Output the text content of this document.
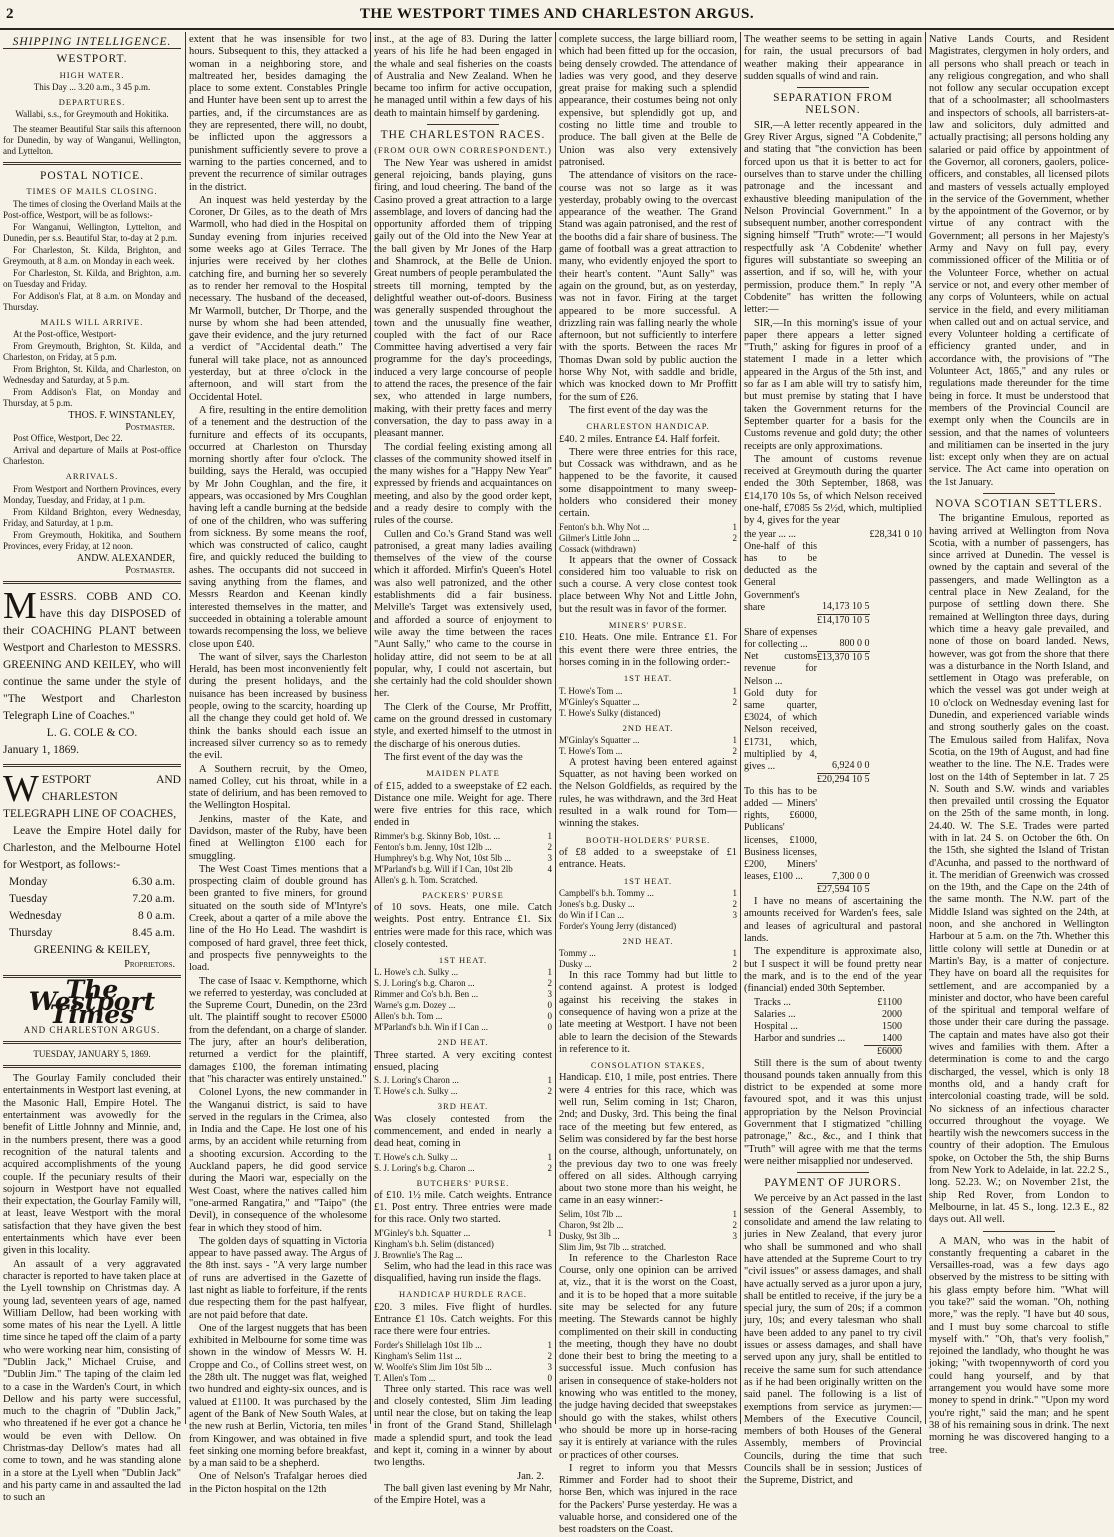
2	THE WESTPORT TIMES AND CHARLESTON ARGUS.
SHIPPING INTELLIGENCE.
WESTPORT.
HIGH WATER.
This Day ... 3.20 a.m., 3 45 p.m.
DEPARTURES.
Wallabi, s.s., for Greymouth and Hokitika.

The steamer Beautiful Star sails this afternoon for Dunedin, by way of Wanganui, Wellington, and Lyttelton.

POSTAL NOTICE.
TIMES OF MAILS CLOSING.

The times of closing the Overland Mails at the Post-office, Westport, will be as follows:-

For Wanganui, Wellington, Lyttelton, and Dunedin, per s.s. Beautiful Star, to-day at 2 p.m.

For Charleston, St. Kilda, Brighton, and Greymouth, at 8 a.m. on Monday in each week.

For Charleston, St. Kilda, and Brighton, a.m. on Tuesday and Friday.

For Addison's Flat, at 8 a.m. on Monday and Thursday.

MAILS WILL ARRIVE.

At the Post-office, Westport-

From Greymouth, Brighton, St. Kilda, and Charleston, on Friday, at 5 p.m.

From Brighton, St. Kilda, and Charleston, on Wednesday and Saturday, at 5 p.m.

From Addison's Flat, on Monday and Thursday, at 5 p.m.

THOS. F. WINSTANLEY,
Postmaster.

Post Office, Westport, Dec 22.

Arrival and departure of Mails at Post-office Charleston.

ARRIVALS.

From Westport and Northern Provinces, every Monday, Tuesday, and Friday, at 1 p.m.

From Kildand Brighton, every Wednesday, Friday, and Saturday, at 1 p.m.

From Greymouth, Hokitika, and Southern Provinces, every Friday, at 12 noon.

ANDW. ALEXANDER,
Postmaster.
MESSRS. COBB AND CO. have this day DISPOSED of their COACHING PLANT between Westport and Charleston to MESSRS. GREENING AND KEILEY, who will continue the same under the style of "The Westport and Charleston Telegraph Line of Coaches."
L. G. COLE & CO.
January 1, 1869.
WESTPORT AND CHARLESTON TELEGRAPH LINE OF COACHES,
Leave the Empire Hotel daily for Charleston, and the Melbourne Hotel for Westport, as follows:-
Monday	6.30 a.m.
Tuesday	7.20 a.m.
Wednesday	8 0 a.m.
Thursday	8.45 a.m.
GREENING & KEILEY,
Proprietors.
The Westport Times
AND CHARLESTON ARGUS.
TUESDAY, JANUARY 5, 1869.

The Gourlay Family concluded their entertainments in Westport last evening, at the Masonic Hall, Empire Hotel. The entertainment was avowedly for the benefit of Little Johnny and Minnie, and, in the numbers present, there was a good recognition of the natural talents and acquired accomplishments of the young couple. If the pecuniary results of their sojourn in Westport have not equalled their expectation, the Gourlay Family will, at least, leave Westport with the moral satisfaction that they have given the best entertainments which have ever been given in this locality.

An assault of a very aggravated character is reported to have taken place at the Lyell township on Christmas day. A young lad, seventeen years of age, named William Dellow, had been working with some mates of his near the Lyell. A little time since he taped off the claim of a party who were working near him, consisting of "Dublin Jack," Michael Cruise, and "Dublin Jim." The taping of the claim led to a case in the Warden's Court, in which Dellow and his party were successful, much to the chagrin of "Dublin Jack," who threatened if he ever got a chance he would be even with Dellow. On Christmas-day Dellow's mates had all come to town, and he was standing alone in a store at the Lyell when "Dublin Jack" and his party came in and assaulted the lad to such an

extent that he was insensible for two hours. Subsequent to this, they attacked a woman in a neighboring store, and maltreated her, besides damaging the place to some extent. Constables Pringle and Hunter have been sent up to arrest the parties, and, if the circumstances are as they are represented, there will, no doubt, be inflicted upon the aggressors a punishment sufficiently severe to prove a warning to the parties concerned, and to prevent the recurrence of similar outrages in the district.

An inquest was held yesterday by the Coroner, Dr Giles, as to the death of Mrs Warmoll, who had died in the Hospital on Sunday evening from injuries received some weeks ago at Giles Terrace. The injuries were received by her clothes catching fire, and burning her so severely as to render her removal to the Hospital necessary. The husband of the deceased, Mr Warmoll, butcher, Dr Thorpe, and the nurse by whom she had been attended, gave their evidence, and the jury returned a verdict of "Accidental death." The funeral will take place, not as announced yesterday, but at three o'clock in the afternoon, and will start from the Occidental Hotel.

A fire, resulting in the entire demolition of a tenement and the destruction of the furniture and effects of its occupants, occurred at Charleston on Thursday morning shortly after four o'clock. The building, says the Herald, was occupied by Mr John Coughlan, and the fire, it appears, was occasioned by Mrs Coughlan having left a candle burning at the bedside of one of the children, who was suffering from sickness. By some means the roof, which was constructed of calico, caught fire, and quickly reduced the building to ashes. The occupants did not succeed in saving anything from the flames, and Messrs Reardon and Keenan kindly interested themselves in the matter, and succeeded in obtaining a tolerable amount towards recompensing the loss, we believe close upon £40.

The want of silver, says the Charleston Herald, has been most inconveniently felt during the present holidays, and the nuisance has been increased by business people, owing to the scarcity, hoarding up all the change they could get hold of. We think the banks should each issue an increased silver currency so as to remedy the evil.

A Southern recruit, by the Omeo, named Colley, cut his throat, while in a state of delirium, and has been removed to the Wellington Hospital.

Jenkins, master of the Kate, and Davidson, master of the Ruby, have been fined at Wellington £100 each for smuggling.

The West Coast Times mentions that a prospecting claim of double ground has been granted to five miners, for ground situated on the south side of M'Intyre's Creek, about a qarter of a mile above the line of the Ho Ho Lead. The washdirt is composed of hard gravel, three feet thick, and prospects five pennyweights to the load.

The case of Isaac v. Kempthorne, which we referred to yesterday, was concluded at the Supreme Court, Dunedin, on the 23rd ult. The plaintiff sought to recover £5000 from the defendant, on a charge of slander. The jury, after an hour's deliberation, returned a verdict for the plaintiff, damages £100, the foreman intimating that "his character was entirely unstained."

Colonel Lyons, the new commander in the Wanganui district, is said to have served in the regulars in the Crimea, also in India and the Cape. He lost one of his arms, by an accident while returning from a shooting excursion. According to the Auckland papers, he did good service during the Maori war, especially on the West Coast, where the natives called him "one-armed Rangatira," and "Taipo" (the Devil), in consequence of the wholesome fear in which they stood of him.

The golden days of squatting in Victoria appear to have passed away. The Argus of the 8th inst. says - "A very large number of runs are advertised in the Gazette of last night as liable to forfeiture, if the rents due respecting them for the past halfyear, are not paid before that date.

One of the largest nuggets that has been exhibited in Melbourne for some time was shown in the window of Messrs W. H. Croppe and Co., of Collins street west, on the 28th ult. The nugget was flat, weighed two hundred and eighty-six ounces, and is valued at £1100. It was purchased by the agent of the Bank of New South Wales, at the new rush at Berlin, Victoria, ten miles from Kingower, and was obtained in five feet sinking one morning before breakfast, by a man said to be a shepherd.

One of Nelson's Trafalgar heroes died in the Picton hospital on the 12th

inst., at the age of 83. During the latter years of his life he had been engaged in the whale and seal fisheries on the coasts of Australia and New Zealand. When he became too infirm for active occupation, he managed until within a few days of his death to maintain himself by gardening.

THE CHARLESTON RACES.
(FROM OUR OWN CORRESPONDENT.)

The New Year was ushered in amidst general rejoicing, bands playing, guns firing, and loud cheering. The band of the Casino proved a great attraction to a large assemblage, and lovers of dancing had the opportunity afforded them of tripping gaily out of the Old into the New Year at the ball given by Mr Jones of the Harp and Shamrock, at the Belle de Union. Great numbers of people perambulated the streets till morning, tempted by the delightful weather out-of-doors. Business was generally suspended throughout the town and the unusually fine weather, coupled with the fact of our Race Committee having advertised a very fair programme for the day's proceedings, induced a very large concourse of people to attend the races, the presence of the fair sex, who attended in large numbers, making, with their pretty faces and merry conversation, the day to pass away in a pleasant manner.

The cordial feeling existing among all classes of the community showed itself in the many wishes for a "Happy New Year" expressed by friends and acquaintances on meeting, and also by the good order kept, and a ready desire to comply with the rules of the course.

Cullen and Co.'s Grand Stand was well patronised, a great many ladies availing themselves of the view of the course which it afforded. Mirfin's Queen's Hotel was also well patronized, and the other establishments did a fair business. Melville's Target was extensively used, and afforded a source of enjoyment to wile away the time between the races "Aunt Sally," who came to the course in holiday attire, did not seem to be at all popular, why, I could not ascertain, but she certainly had the cold shoulder shown her.

The Clerk of the Course, Mr Proffitt, came on the ground dressed in customary style, and exerted himself to the utmost in the discharge of his onerous duties.

The first event of the day was the

MAIDEN PLATE

of £15, added to a sweepstake of £2 each. Distance one mile. Weight for age. There were five entries for this race, which ended in

Rimmer's b.g. Skinny Bob, 10st. ...	1
Fenton's b.m. Jenny, 10st 12lb ...	2
Humphrey's b.g. Why Not, 10st 5lb ...	3
M'Parland's b.g. Will if I Can, 10st 2lb	4
Allen's g. h. Tom. Scratched.
PACKERS' PURSE

of 10 sovs. Heats, one mile. Catch weights. Post entry. Entrance £1. Six entries were made for this race, which was closely contested.

1ST HEAT.
L. Howe's c.h. Sulky ...	1
S. J. Loring's b.g. Charon ...	2
Rimmer and Co's b.h. Ben ...	3
Warne's g.m. Dozey ...	0
Allen's b.h. Tom ...	0
M'Parland's b.h. Win if I Can ...	0
2ND HEAT.

Three started. A very exciting contest ensued, placing

S. J. Loring's Charon ...	1
T. Howe's c.h. Sulky ...	2
3RD HEAT.

Was closely contested from the commencement, and ended in nearly a dead heat, coming in

T. Howe's c.h. Sulky ...	1
S. J. Loring's b.g. Charon ...	2
BUTCHERS' PURSE.

of £10. 1½ mile. Catch weights. Entrance £1. Post entry. Three entries were made for this race. Only two started.

M'Ginley's b.h. Squatter ...	1
Kingham's b.h. Selim (distanced)
J. Brownlie's The Rag ...

Selim, who had the lead in this race was disqualified, having run inside the flags.

HANDICAP HURDLE RACE.

£20. 3 miles. Five flight of hurdles. Entrance £1 10s. Catch weights. For this race there were four entries.

Forder's Shillelagh 10st 1lb ...	1
Kingham's Selim 11st ...	2
W. Woolfe's Slim Jim 10st 5lb ...	3
T. Allen's Tom ...	0

Three only started. This race was well and closely contested, Slim Jim leading until near the close, but on taking the leap in front of the Grand Stand, Shillelagh made a splendid spurt, and took the lead and kept it, coming in a winner by about two lengths.

Jan. 2.

The ball given last evening by Mr Nahr, of the Empire Hotel, was a

complete success, the large billiard room, which had been fitted up for the occasion, being densely crowded. The attendance of ladies was very good, and they deserve great praise for making such a splendid appearance, their costumes being not only expensive, but splendidly got up, and costing no little time and trouble to produce. The ball given at the Belle de Union was also very extensively patronised.

The attendance of visitors on the race-course was not so large as it was yesterday, probably owing to the overcast appearance of the weather. The Grand Stand was again patronised, and the rest of the booths did a fair share of business. The game of football was a great attraction to many, who evidently enjoyed the sport to their heart's content. "Aunt Sally" was again on the ground, but, as on yesterday, was not in favor. Firing at the target appeared to be more successful. A drizzling rain was falling nearly the whole afternoon, but not sufficiently to interfere with the sports. Between the races Mr Thomas Dwan sold by public auction the horse Why Not, with saddle and bridle, which was knocked down to Mr Proffitt for the sum of £26.

The first event of the day was the

CHARLESTON HANDICAP.

£40. 2 miles. Entrance £4. Half forfeit.

There were three entries for this race, but Cossack was withdrawn, and as he happened to be the favorite, it caused some disappointment to many sweep-holders who considered their money certain.

Fenton's b.h. Why Not ...	1
Gilmer's Little John ...	2
Cossack (withdrawn)

It appears that the owner of Cossack considered him too valuable to risk on such a course. A very close contest took place between Why Not and Little John, but the result was in favor of the former.

MINERS' PURSE.

£10. Heats. One mile. Entrance £1. For this event there were three entries, the horses coming in in the following order:-

1ST HEAT.
T. Howe's Tom ...	1
M'Ginley's Squatter ...	2
T. Howe's Sulky (distanced)
2ND HEAT.
M'Ginlay's Squatter ...	1
T. Howe's Tom ...	2

A protest having been entered against Squatter, as not having been worked on the Nelson Goldfields, as required by the rules, he was withdrawn, and the 3rd Heat resulted in a walk round for Tom—winning the stakes.

BOOTH-HOLDERS' PURSE.

of £8 added to a sweepstake of £1 entrance. Heats.

1ST HEAT.
Campbell's b.h. Tommy ...	1
Jones's b.g. Dusky ...	2
do Win if I Can ...	3
Forder's Young Jerry (distanced)
2ND HEAT.
Tommy ...	1
Dusky ...	2

In this race Tommy had but little to contend against. A protest is lodged against his receiving the stakes in consequence of having won a prize at the late meeting at Westport. I have not been able to learn the decision of the Stewards in reference to it.

CONSOLATION STAKES,

Handicap. £10, 1 mile, post entries. There were 4 entries for this race, which was well run, Selim coming in 1st; Charon, 2nd; and Dusky, 3rd. This being the final race of the meeting but few entered, as Selim was considered by far the best horse on the course, although, unfortunately, on the previous day two to one was freely offered on all sides. Although carrying about two stone more than his weight, he came in an easy winner:-

Selim, 10st 7lb ...	1
Charon, 9st 2lb ...	2
Dusky, 9st 3lb ...	3
Slim Jim, 9st 7lb ... stratched.

In reference to the Charleston Race Course, only one opinion can be arrived at, viz., that it is the worst on the Coast, and it is to be hoped that a more suitable site may be selected for any future meeting. The Stewards cannot be highly complimented on their skill in conducting the meeting, though they have no doubt done their best to bring the meeting to a successful issue. Much confusion has arisen in consequence of stake-holders not knowing who was entitled to the money, the judge having decided that sweepstakes should go with the stakes, whilst others who should be more up in horse-racing say it is entirely at variance with the rules or practices of other courses.

I regret to inform you that Messrs Rimmer and Forder had to shoot their horse Ben, which was injured in the race for the Packers' Purse yesterday. He was a valuable horse, and considered one of the best roadsters on the Coast.

The weather seems to be setting in again for rain, the usual precursors of bad weather making their appearance in sudden squalls of wind and rain.

SEPARATION FROM NELSON.

SIR,—A letter recently appeared in the Grey River Argus, signed "A Cobdenite," and stating that "the conviction has been forced upon us that it is better to act for ourselves than to starve under the chilling patronage and the incessant and exhaustive bleeding manipulation of the Nelson Provincial Government." In a subsequent number, another correspondent signing himself "Truth" wrote:—"I would respectfully ask 'A Cobdenite' whether figures will substantiate so sweeping an assertion, and if so, will he, with your permission, produce them." In reply "A Cobdenite" has written the following letter:—

SIR,—In this morning's issue of your paper there appears a letter signed "Truth," asking for figures in proof of a statement I made in a letter which appeared in the Argus of the 5th inst, and so far as I am able will try to satisfy him, but must premise by stating that I have taken the Government returns for the September quarter for a basis for the Customs revenue and gold duty; the other receipts are only approximations.

The amount of customs revenue received at Greymouth during the quarter ended the 30th September, 1868, was £14,170 10s 5s, of which Nelson received one-half, £7085 5s 2½d, which, multiplied by 4, gives for the year

the year ... ...		£28,341 0 10
One-half of this has to be deducted as the General Government's share	14,173 10 5	
	£14,170 10 5	
Share of expenses for collecting ...	800 0 0	
Net customs revenue for Nelson ...	£13,370 10 5	
Gold duty for same quarter, £3024, of which Nelson received, £1731, which, multiplied by 4, gives ...	6,924 0 0	
	£20,294 10 5	
To this has to be added — Miners' rights, £6000, Publicans' licenses, £1000, Business licenses, £200, Miners' leases, £100 ...	7,300 0 0	
	£27,594 10 5	

I have no means of ascertaining the amounts received for Warden's fees, sale and leases of agricultural and pastoral lands.

The expenditure is approximate also, but I suspect it will be found pretty near the mark, and is to the end of the year (financial) ended 30th September.

Tracks ...	£1100
Salaries ...	2000
Hospital ...	1500
Harbor and sundries ...	1400
£6000

Still there is the sum of about twenty thousand pounds taken annually from this district to be expended at some more favoured spot, and it was this unjust appropriation by the Nelson Provincial Government that I stigmatized "chilling patronage," &c., &c., and I think that "Truth" will agree with me that the terms were neither misapplied nor undeserved.

PAYMENT OF JURORS.

We perceive by an Act passed in the last session of the General Assembly, to consolidate and amend the law relating to juries in New Zealand, that every juror who shall be summoned and who shall have attended at the Supreme Court to try "civil issues" or assess damages, and shall have actually served as a juror upon a jury, shall be entitled to receive, if the jury be a special jury, the sum of 20s; if a common jury, 10s; and every talesman who shall have been added to any panel to try civil issues or assess damages, and shall have served upon any jury, shall be entitled to receive the same sum for such attendance as if he had been originally written on the said panel. The following is a list of exemptions from service as jurymen:—Members of the Executive Council, members of both Houses of the General Assembly, members of Provincial Councils, during the time that such Councils shall be in session; Justices of the Supreme, District, and

Native Lands Courts, and Resident Magistrates, clergymen in holy orders, and all persons who shall preach or teach in any religious congregation, and who shall not follow any secular occupation except that of a schoolmaster; all schoolmasters and inspectors of schools, all barristers-at-law and solicitors, duly admitted and actually practising; all persons holding any salaried or paid office by appointment of the Governor, all coroners, gaolers, police-officers, and constables, all licensed pilots and masters of vessels actually employed in the service of the Government, whether by the appointment of the Governor, or by virtue of any contract with the Government; all persons in her Majesty's Army and Navy on full pay, every commissioned officer of the Militia or of the Volunteer Force, whether on actual service or not, and every other member of any corps of Volunteers, while on actual service in the field, and every militiaman when called out and on actual service, and every Volunteer holding a certificate of efficiency granted under, and in accordance with, the provisions of "The Volunteer Act, 1865," and any rules or regulations made thereunder for the time being in force. It must be understood that members of the Provincial Council are exempt only when the Councils are in session, and that the names of volunteers and militiamen can be inserted in the jury list: except only when they are on actual service. The Act came into operation on the 1st January.

NOVA SCOTIAN SETTLERS.

The brigantine Emulous, reported as having arrived at Wellington from Nova Scotia, with a number of passengers, has since arrived at Dunedin. The vessel is owned by the captain and several of the passengers, and made Wellington as a central place in New Zealand, for the purpose of settling down there. She remained at Wellington three days, during which time a heavy gale prevailed, and none of those on board landed. News, however, was got from the shore that there was a disturbance in the North Island, and settlement in Otago was preferable, on which the vessel was got under weigh at 10 o'clock on Wednesday evening last for Dunedin, and experienced variable winds and strong southerly gales on the coast. The Emulous sailed from Halifax, Nova Scotia, on the 19th of August, and had fine weather to the line. The N.E. Trades were lost on the 14th of September in lat. 7 25 N. South and S.W. winds and variables then prevailed until crossing the Equator on the 25th of the same month, in long. 24.40. W. The S.E. Trades were parted with in lat. 24 S. on October the 6th. On the 15th, she sighted the Island of Tristan d'Acunha, and passed to the northward of it. The meridian of Greenwich was crossed on the 19th, and the Cape on the 24th of the same month. The N.W. part of the Middle Island was sighted on the 24th, at noon, and she anchored in Wellington Harbour at 5 a.m. on the 7th. Whether this little colony will settle at Dunedin or at Martin's Bay, is a matter of conjecture. They have on board all the requisites for settlement, and are accompanied by a minister and doctor, who have been careful of the spiritual and temporal welfare of those under their care during the passage. The captain and mates have also got their wives and families with them. After a determination is come to and the cargo discharged, the vessel, which is only 18 months old, and a handy craft for intercolonial coasting trade, will be sold. No sickness of an infectious character occurred throughout the voyage. We heartily wish the newcomers success in the country of their adoption. The Emulous spoke, on October the 5th, the ship Burns from New York to Adelaide, in lat. 22.2 S., long. 52.23. W.; on November 21st, the ship Red Rover, from London to Melbourne, in lat. 45 S., long. 12.3 E., 82 days out. All well.

A MAN, who was in the habit of constantly frequenting a cabaret in the Versailles-road, was a few days ago observed by the mistress to be sitting with his glass empty before him. "What will you take?" said the woman. "Oh, nothing more," was the reply. "I have but 40 sous, and I must buy some charcoal to stifle myself with." "Oh, that's very foolish," rejoined the landlady, who thought he was joking; "with twopennyworth of cord you could hang yourself, and by that arrangement you would have some more money to spend in drink." "Upon my word you're right," said the man; and he spent 38 of his remaining sous in drink. The next morning he was discovered hanging to a tree.
